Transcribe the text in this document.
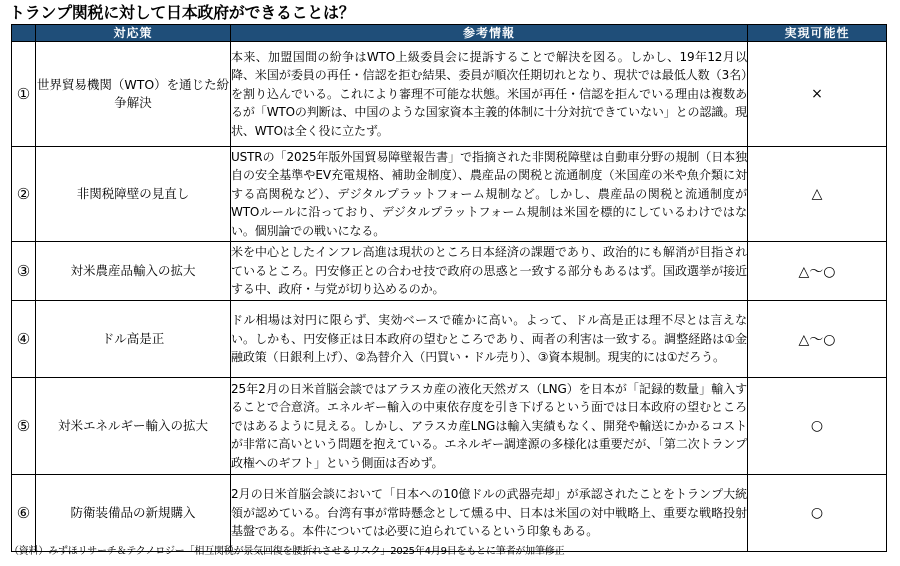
トランプ関税に対して日本政府ができることは？
	対応策	参考情報	実現可能性
①	世界貿易機関（WTO）を通じた紛争解決	本来、加盟国間の紛争はWTO上級委員会に提訴することで解決を図る。しかし、19年12月以降、米国が委員の再任・信認を拒む結果、委員が順次任期切れとなり、現状では最低人数（3名）を割り込んでいる。これにより審理不可能な状態。米国が再任・信認を拒んでいる理由は複数あるが「WTOの判断は、中国のような国家資本主義的体制に十分対抗できていない」との認識。現状、WTOは全く役に立たず。	×
②	非関税障壁の見直し	USTRの「2025年版外国貿易障壁報告書」で指摘された非関税障壁は自動車分野の規制（日本独自の安全基準やEV充電規格、補助金制度）、農産品の関税と流通制度（米国産の米や魚介類に対する高関税など）、デジタルプラットフォーム規制など。しかし、農産品の関税と流通制度がWTOルールに沿っており、デジタルプラットフォーム規制は米国を標的にしているわけではない。個別論での戦いになる。	△
③	対米農産品輸入の拡大	米を中心としたインフレ高進は現状のところ日本経済の課題であり、政治的にも解消が目指されているところ。円安修正との合わせ技で政府の思惑と一致する部分もあるはず。国政選挙が接近する中、政府・与党が切り込めるのか。	△～○
④	ドル高是正	ドル相場は対円に限らず、実効ベースで確かに高い。よって、ドル高是正は理不尽とは言えない。しかも、円安修正は日本政府の望むところであり、両者の利害は一致する。調整経路は①金融政策（日銀利上げ）、②為替介入（円買い・ドル売り）、③資本規制。現実的には①だろう。	△～○
⑤	対米エネルギー輸入の拡大	25年2月の日米首脳会談ではアラスカ産の液化天然ガス（LNG）を日本が「記録的数量」輸入することで合意済。エネルギー輸入の中東依存度を引き下げるという面では日本政府の望むところではあるように見える。しかし、アラスカ産LNGは輸入実績もなく、開発や輸送にかかるコストが非常に高いという問題を抱えている。エネルギー調達源の多様化は重要だが、「第二次トランプ政権へのギフト」という側面は否めず。	○
⑥	防衛装備品の新規購入	2月の日米首脳会談において「日本への10億ドルの武器売却」が承認されたことをトランプ大統領が認めている。台湾有事が常時懸念として燻る中、日本は米国の対中戦略上、重要な戦略投射基盤である。本件については必要に迫られているという印象もある。	○
（資料）みずほリサーチ＆テクノロジー「相互関税が景気回復を腰折れさせるリスク」2025年4月9日をもとに筆者が加筆修正
